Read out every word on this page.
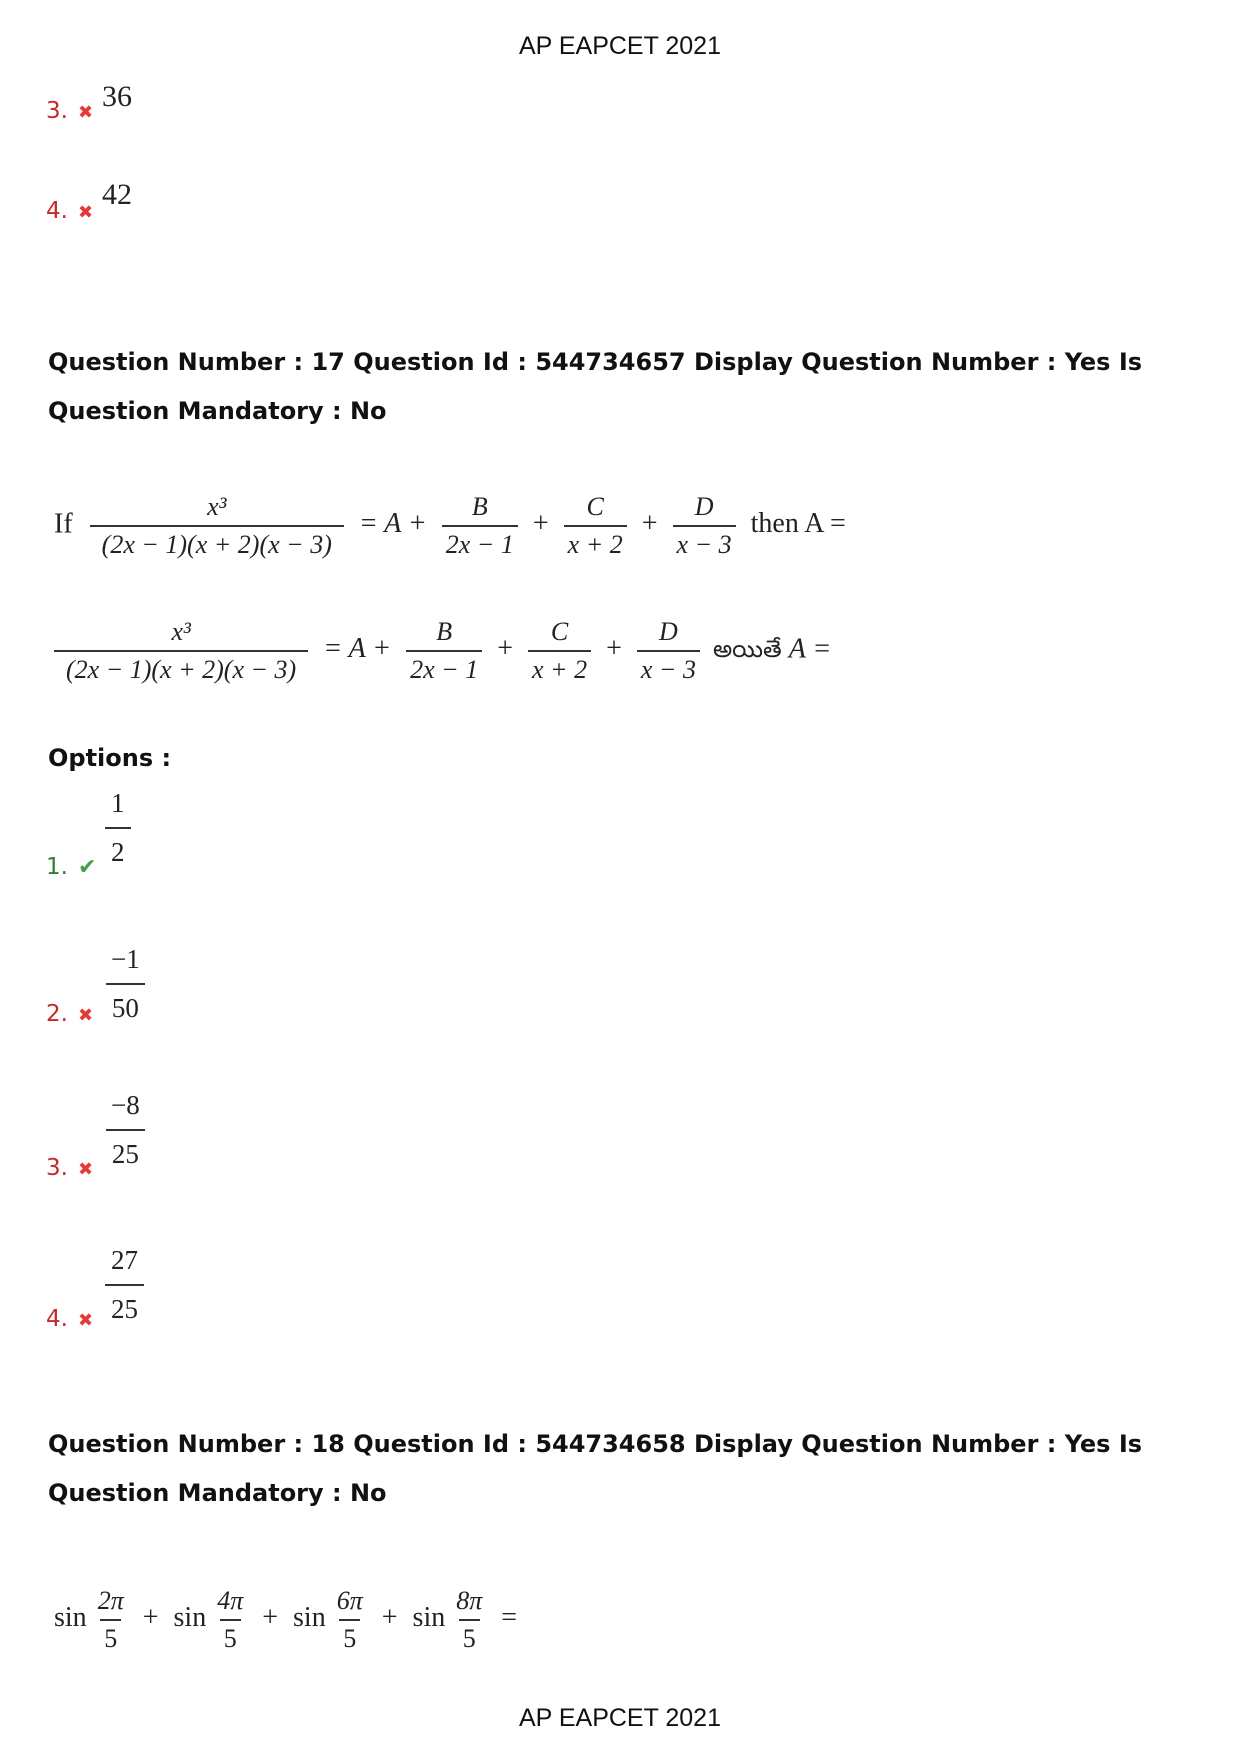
AP EAPCET 2021
3. ✖ 36
4. ✖
42
Question Number : 17 Question Id : 544734657 Display Question Number : Yes Is Question Mandatory : No
If $\frac{\text{x³}}{(2x - 1)(x + 2)(x - 3)} = A + \frac{B}{2x - 1} + \frac{C}{x + 2} + \frac{D}{x - 3}$ then A =
$\frac{\text{x³}}{(2x - 1)(x + 2)(x - 3)} = A + \frac{B}{2x - 1} + \frac{C}{x + 2} + \frac{D}{x - 3}$ అయితే A =
Options :
1. ✔ $\frac{1}{2}$
2. ✖ $\frac{-1}{50}$
3. ✖ $\frac{-8}{25}$
4. ✖ $\frac{27}{25}$
Question Number : 18 Question Id : 544734658 Display Question Number : Yes Is Question Mandatory : No
$\sin \frac{2\pi}{5} + \sin \frac{4\pi}{5} + \sin \frac{6\pi}{5} + \sin \frac{8\pi}{5}$ =
AP EAPCET 2021
